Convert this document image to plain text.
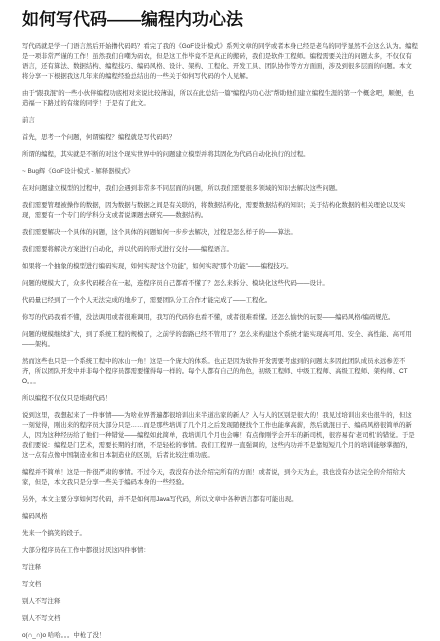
如何写代码——编程内功心法

写代码就是学一门语言然后开始撸代码吗？看完了我的《GoF设计模式》系列文章的同学或者本身已经是老鸟的同学显然不会这么认为。编程是一项非常严谨的工作！虽然我们自嘲为码农，但是这工作毕竟不是真正的搬砖，我们是软件工程师。编程需要关注的问题太多，不仅仅有语言，还有算法、数据结构、编程技巧、编码风格、设计、架构、工程化、开发工具、团队协作等方方面面，涉及到很多层面的问题。本文将分享一下根据我这几年来的编程经验总结出的一些关于如何写代码的个人见解。

由于“跟我混”的一些小伙伴编程功底相对来说比较薄弱，所以在此总结一篇“编程内功心法”帮助他们建立编程生涯的第一个概念吧，顺便，也造福一下路过的有缘的同学！于是有了此文。

前言

首先，思考一个问题，何谓编程？编程就是写代码吗？

所谓的编程，其实就是不断的对这个现实世界中的问题建立模型并将其固化为代码自动化执行的过程。

~ Bug辉《GoF设计模式 - 解释器模式》

在对问题建立模型的过程中，我们会遇到非常多不同层面的问题，所以我们需要很多领域的知识去解决这些问题。

我们需要管理被操作的数据，因为数据与数据之间是有关联的，将数据结构化，需要数据结构的知识；关于结构化数据的相关理论以及实现，需要有一个专门的学科分支或者说课题去研究——数据结构。

我们需要解决一个具体的问题，这个具体的问题如何一步步去解决，过程是怎么样子的——算法。

我们需要将解决方案进行自动化，并以代码的形式进行交付——编程语言。

如果将一个抽象的模型进行编码实现，如何实现“这个功能”，如何实现“那个功能”——编程技巧。

问题的规模大了，众多代码糅合在一起，连程序员自己都看不懂了？怎么来拆分、模块化这些代码——设计。

代码量已经到了一个个人无法完成的地步了，需要团队分工合作才能完成了——工程化。

你写的代码我看不懂，没法调用或者很难调用，我写的代码你也看不懂，或者很难看懂。还怎么愉快的玩耍——编码风格/编码规范。

问题的规模继续扩大，到了系统工程的规模了，之前学的套路已经不管用了？怎么来构建这个系统才能实现高可用、安全、高性能、高可用——架构。

然而这些也只是一个系统工程中的冰山一角！这是一个庞大的体系。也正是因为软件开发需要考虑到的问题太多因此团队成员永远参差不齐，所以团队开发中并非每个程序员都需要懂得每一样的。每个人都有自己的角色，初级工程师、中级工程师、高级工程师、架构师、CTO。。。

所以编程不仅仅只是堆砌代码！

说到这里，我想起来了一件事情——为啥业界普遍都很培训出来半道出家的新人？入与人的区别是很大的！我见过培训出来也很牛的，但这一刻觉得，刚出来的程序员大部分只是……而是那些培训了几个月之后发现随便找个工作也能拿高薪，然后就混日子、编码风格很简单的新人，因为这种经历给了他们一种错觉——编程如此简单，我培训几个月也会嘛！有点像刚学会开车的新司机，很容易有‘老司机’的错觉。于是我们要说：编程是门艺术，需要长期的打磨，不是轻松的事情。我们工程界一直强调的，这些内功并不是靠短短几个月的培训能够掌握的，这一点有点像中国制造业和日本制造业的区别，后者比较注重功底。

编程并不简单！这是一件很严肃的事情。不过今天，我没有办法介绍完所有的方面！或者说，到今天为止，我也没有办法完全的介绍给大家，但是，本文我只是分享一些关于编码本身的一些经验。

另外，本文主要分享如何写代码，并不是如何用Java写代码，所以文章中各种语言都有可能出现。

编码风格

先来一个搞笑的段子。

大部分程序员在工作中都很讨厌这四件事情：

写注释

写文档

别人不写注释

别人不写文档

o(∩_∩)o 哈哈。。。中枪了没！
